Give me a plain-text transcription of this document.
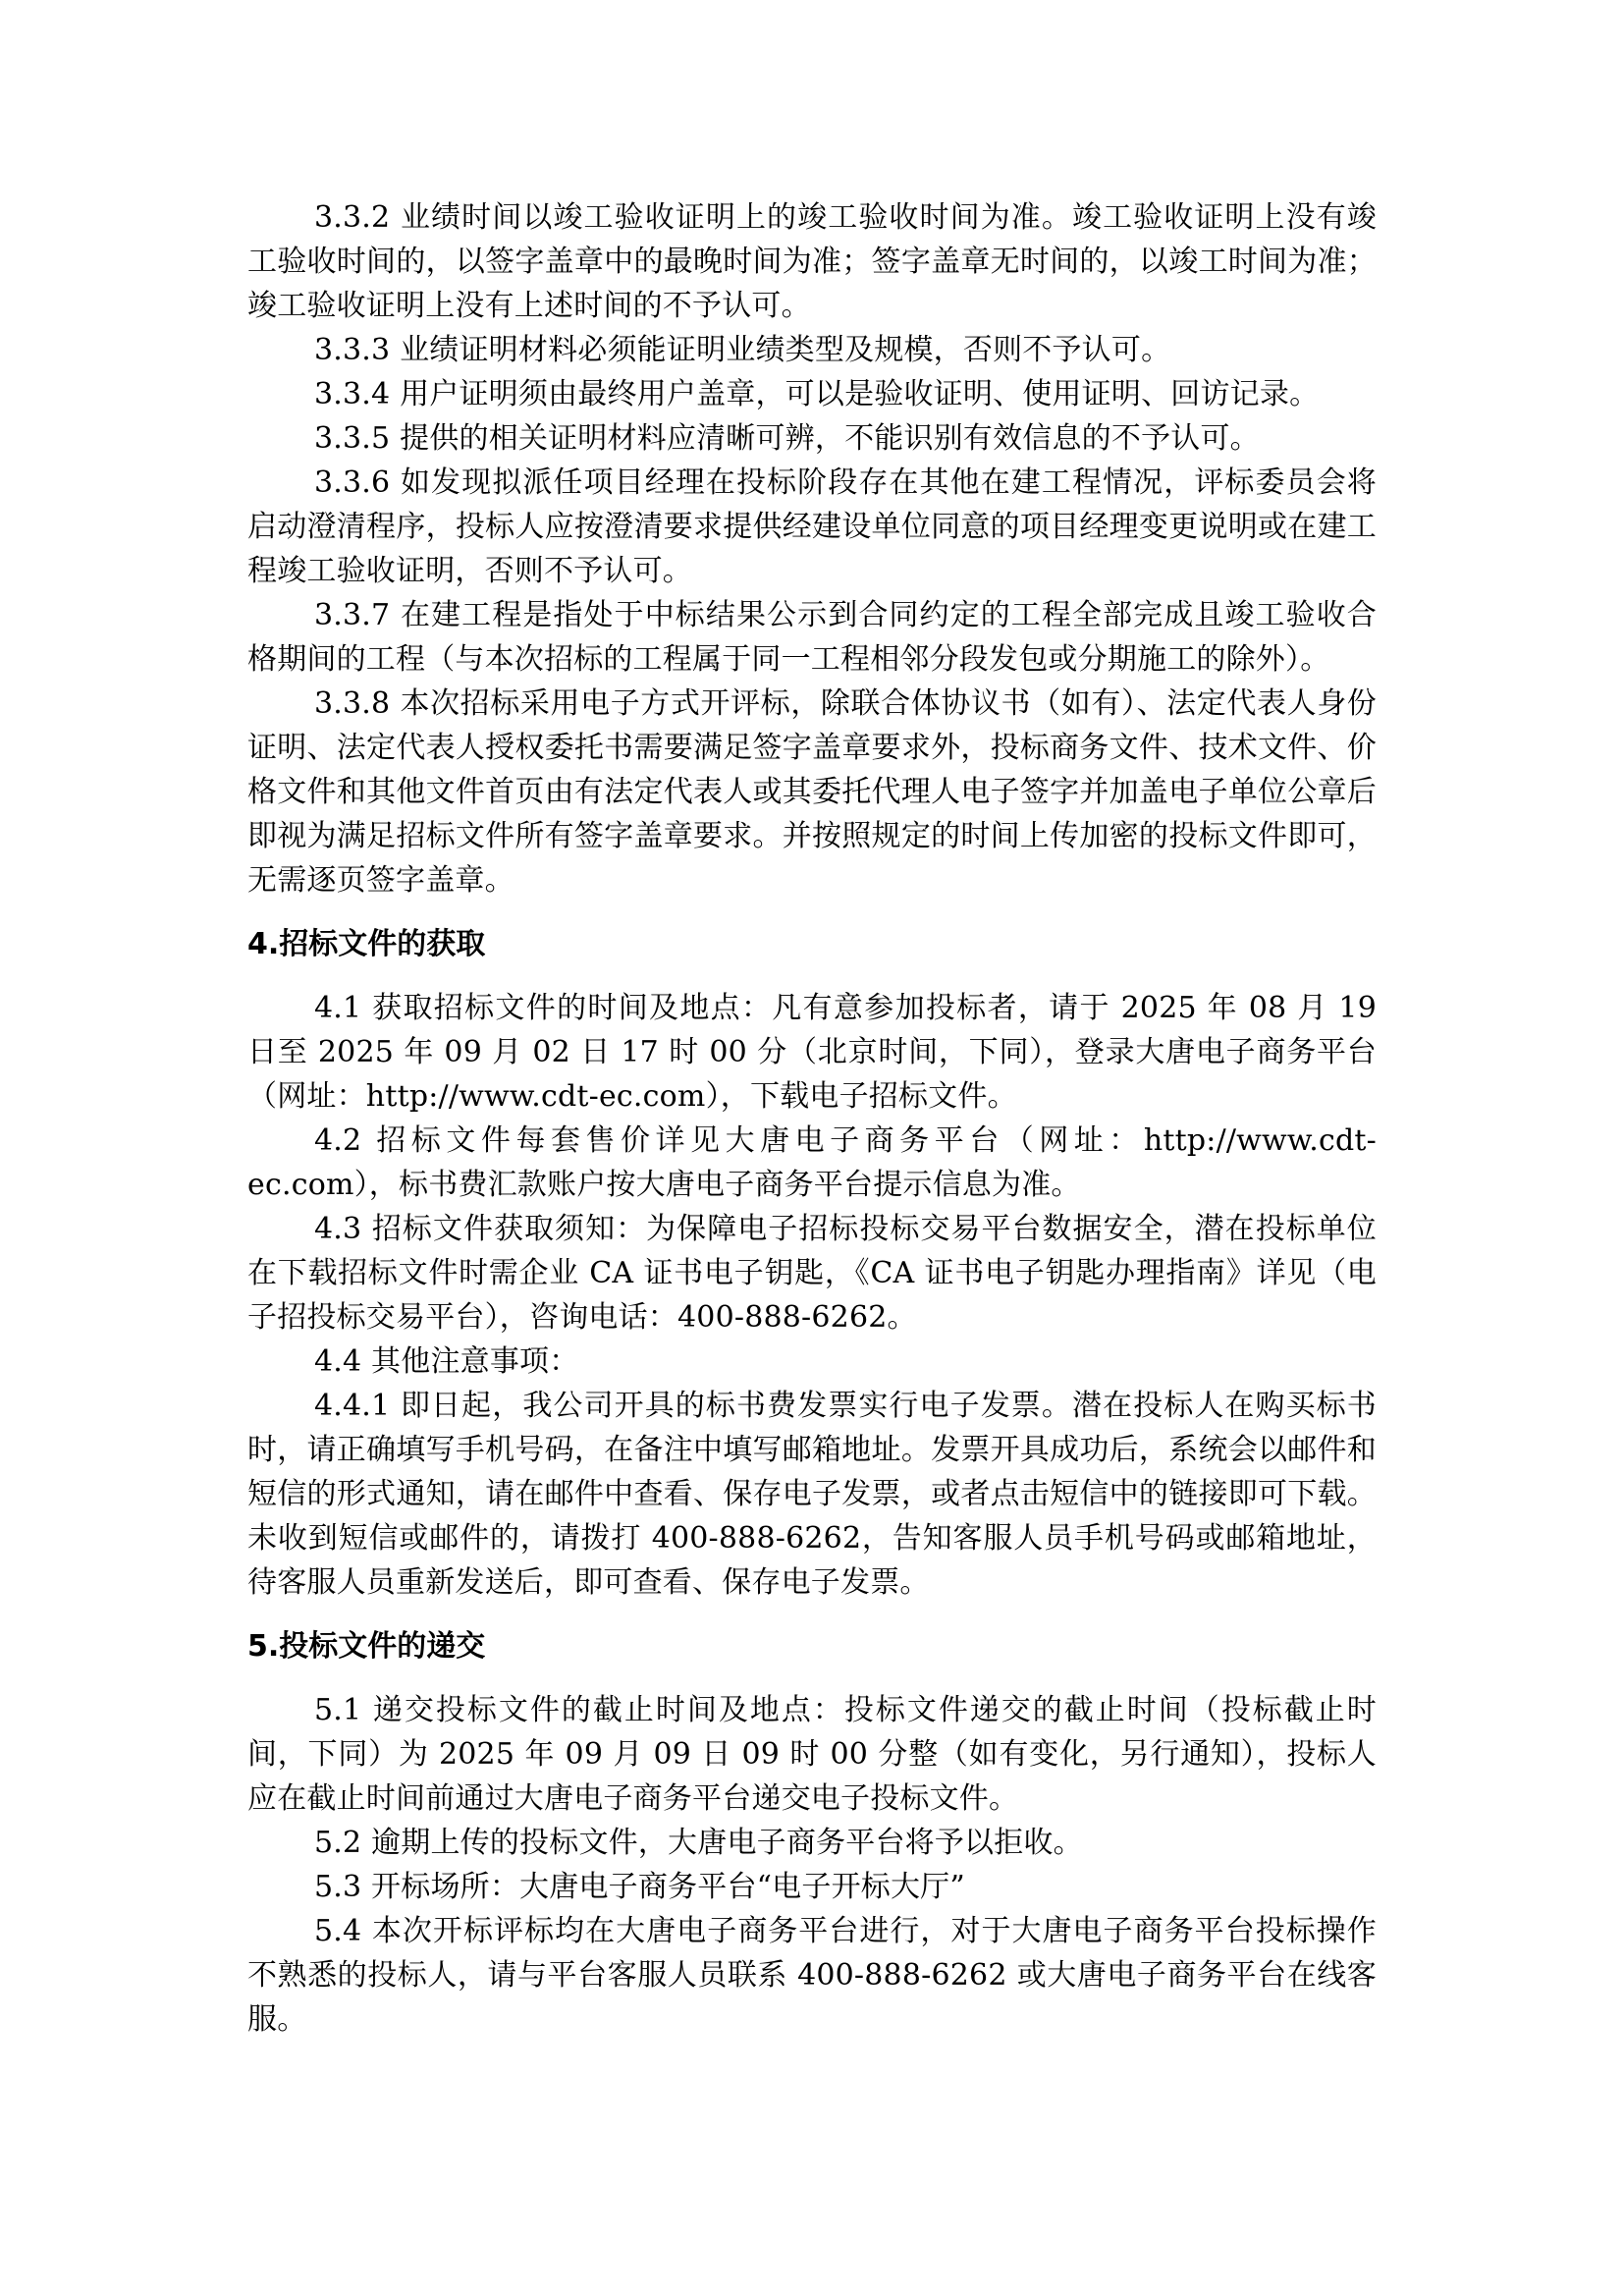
3.3.2 业绩时间以竣工验收证明上的竣工验收时间为准。竣工验收证明上没有竣工验收时间的，以签字盖章中的最晚时间为准；签字盖章无时间的，以竣工时间为准；竣工验收证明上没有上述时间的不予认可。

3.3.3 业绩证明材料必须能证明业绩类型及规模，否则不予认可。

3.3.4 用户证明须由最终用户盖章，可以是验收证明、使用证明、回访记录。

3.3.5 提供的相关证明材料应清晰可辨，不能识别有效信息的不予认可。

3.3.6 如发现拟派任项目经理在投标阶段存在其他在建工程情况，评标委员会将启动澄清程序，投标人应按澄清要求提供经建设单位同意的项目经理变更说明或在建工程竣工验收证明，否则不予认可。

3.3.7 在建工程是指处于中标结果公示到合同约定的工程全部完成且竣工验收合格期间的工程（与本次招标的工程属于同一工程相邻分段发包或分期施工的除外）。

3.3.8 本次招标采用电子方式开评标，除联合体协议书（如有）、法定代表人身份证明、法定代表人授权委托书需要满足签字盖章要求外，投标商务文件、技术文件、价格文件和其他文件首页由有法定代表人或其委托代理人电子签字并加盖电子单位公章后即视为满足招标文件所有签字盖章要求。并按照规定的时间上传加密的投标文件即可，无需逐页签字盖章。

4.招标文件的获取

4.1 获取招标文件的时间及地点：凡有意参加投标者，请于 2025 年 08 月 19 日至 2025 年 09 月 02 日 17 时 00 分（北京时间，下同），登录大唐电子商务平台（网址：http://www.cdt-ec.com），下载电子招标文件。

4.2 招标文件每套售价详见大唐电子商务平台（网址：http://www.cdt-ec.com），标书费汇款账户按大唐电子商务平台提示信息为准。

4.3 招标文件获取须知：为保障电子招标投标交易平台数据安全，潜在投标单位在下载招标文件时需企业 CA 证书电子钥匙，《CA 证书电子钥匙办理指南》详见（电子招投标交易平台），咨询电话：400-888-6262。

4.4 其他注意事项：

4.4.1 即日起，我公司开具的标书费发票实行电子发票。潜在投标人在购买标书时，请正确填写手机号码，在备注中填写邮箱地址。发票开具成功后，系统会以邮件和短信的形式通知，请在邮件中查看、保存电子发票，或者点击短信中的链接即可下载。未收到短信或邮件的，请拨打 400-888-6262，告知客服人员手机号码或邮箱地址，待客服人员重新发送后，即可查看、保存电子发票。

5.投标文件的递交

5.1 递交投标文件的截止时间及地点：投标文件递交的截止时间（投标截止时间，下同）为 2025 年 09 月 09 日 09 时 00 分整（如有变化，另行通知），投标人应在截止时间前通过大唐电子商务平台递交电子投标文件。

5.2 逾期上传的投标文件，大唐电子商务平台将予以拒收。

5.3 开标场所：大唐电子商务平台“电子开标大厅”

5.4 本次开标评标均在大唐电子商务平台进行，对于大唐电子商务平台投标操作不熟悉的投标人，请与平台客服人员联系 400-888-6262 或大唐电子商务平台在线客服。
